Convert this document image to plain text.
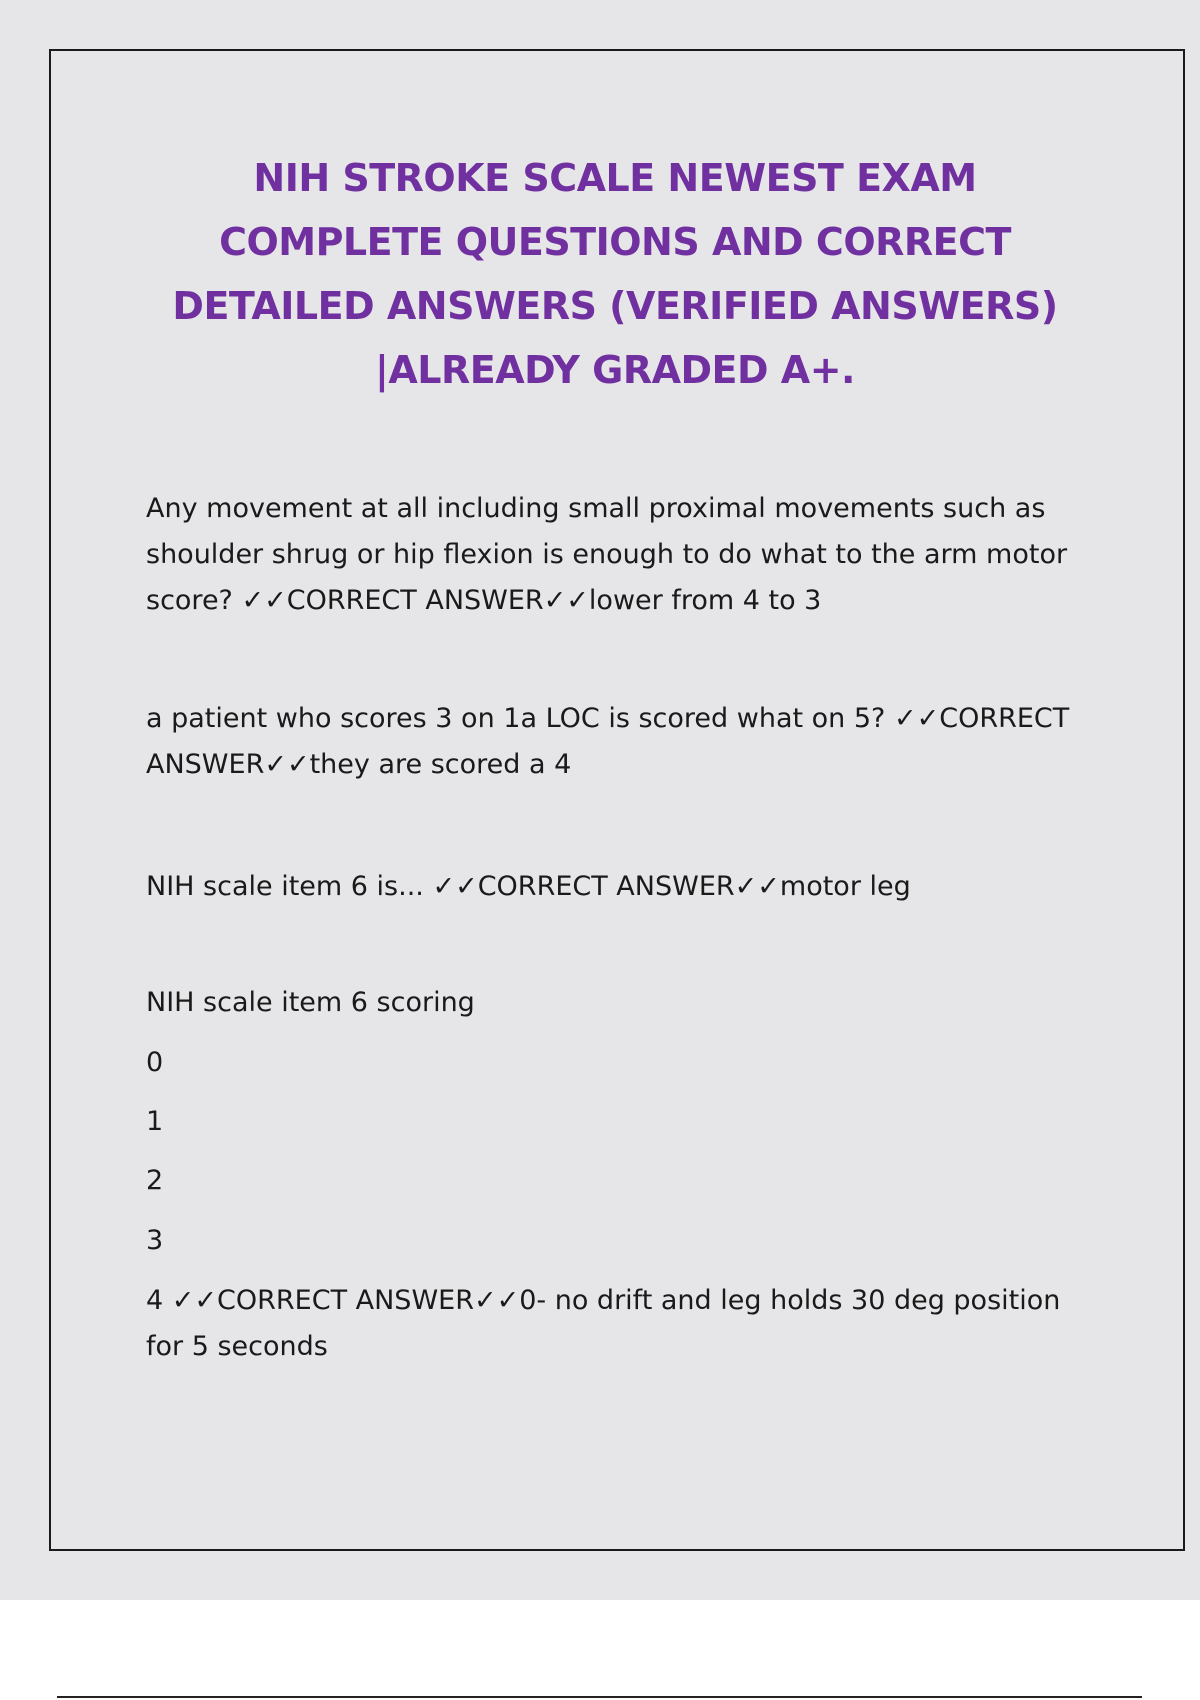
NIH STROKE SCALE NEWEST EXAM COMPLETE QUESTIONS AND CORRECT DETAILED ANSWERS (VERIFIED ANSWERS) |ALREADY GRADED A+.

Any movement at all including small proximal movements such as shoulder shrug or hip flexion is enough to do what to the arm motor score? ✓✓CORRECT ANSWER✓✓lower from 4 to 3

a patient who scores 3 on 1a LOC is scored what on 5? ✓✓CORRECT ANSWER✓✓they are scored a 4

NIH scale item 6 is... ✓✓CORRECT ANSWER✓✓motor leg

NIH scale item 6 scoring

0

1

2

3

4 ✓✓CORRECT ANSWER✓✓0- no drift and leg holds 30 deg position for 5 seconds
